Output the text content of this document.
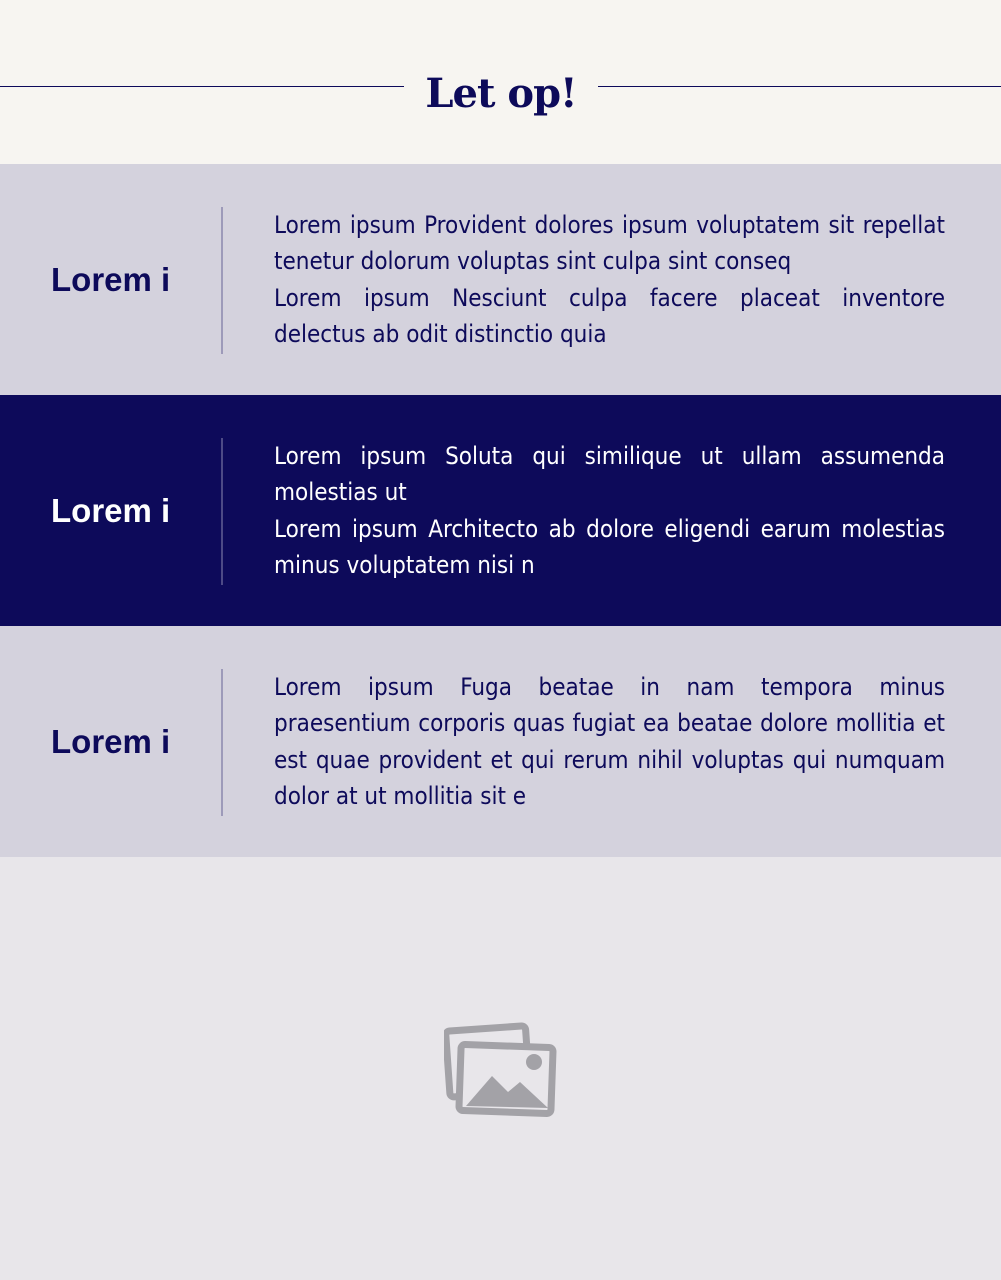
Let op!
Lorem i

Lorem ipsum Provident dolores ipsum voluptatem sit repellat tenetur dolorum voluptas sint culpa sint conseq

Lorem ipsum Nesciunt culpa facere placeat inventore delectus ab odit distinctio quia

Lorem i

Lorem ipsum Soluta qui similique ut ullam assumenda molestias ut

Lorem ipsum Architecto ab dolore eligendi earum molestias minus voluptatem nisi n

Lorem i

Lorem ipsum Fuga beatae in nam tempora minus praesentium corporis quas fugiat ea beatae dolore mollitia et est quae provident et qui rerum nihil voluptas qui numquam dolor at ut mollitia sit e
